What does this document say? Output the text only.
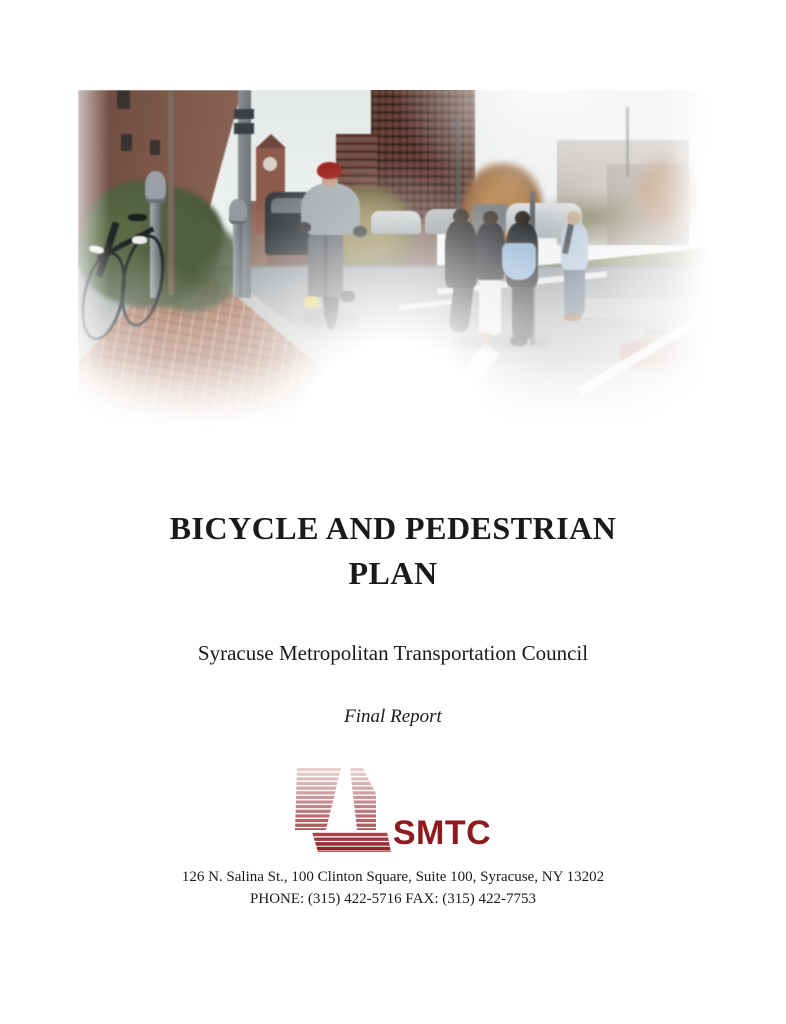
BICYCLE AND PEDESTRIAN
PLAN
Syracuse Metropolitan Transportation Council
Final Report
SMTC
126 N. Salina St., 100 Clinton Square, Suite 100, Syracuse, NY 13202
PHONE: (315) 422-5716 FAX: (315) 422-7753
